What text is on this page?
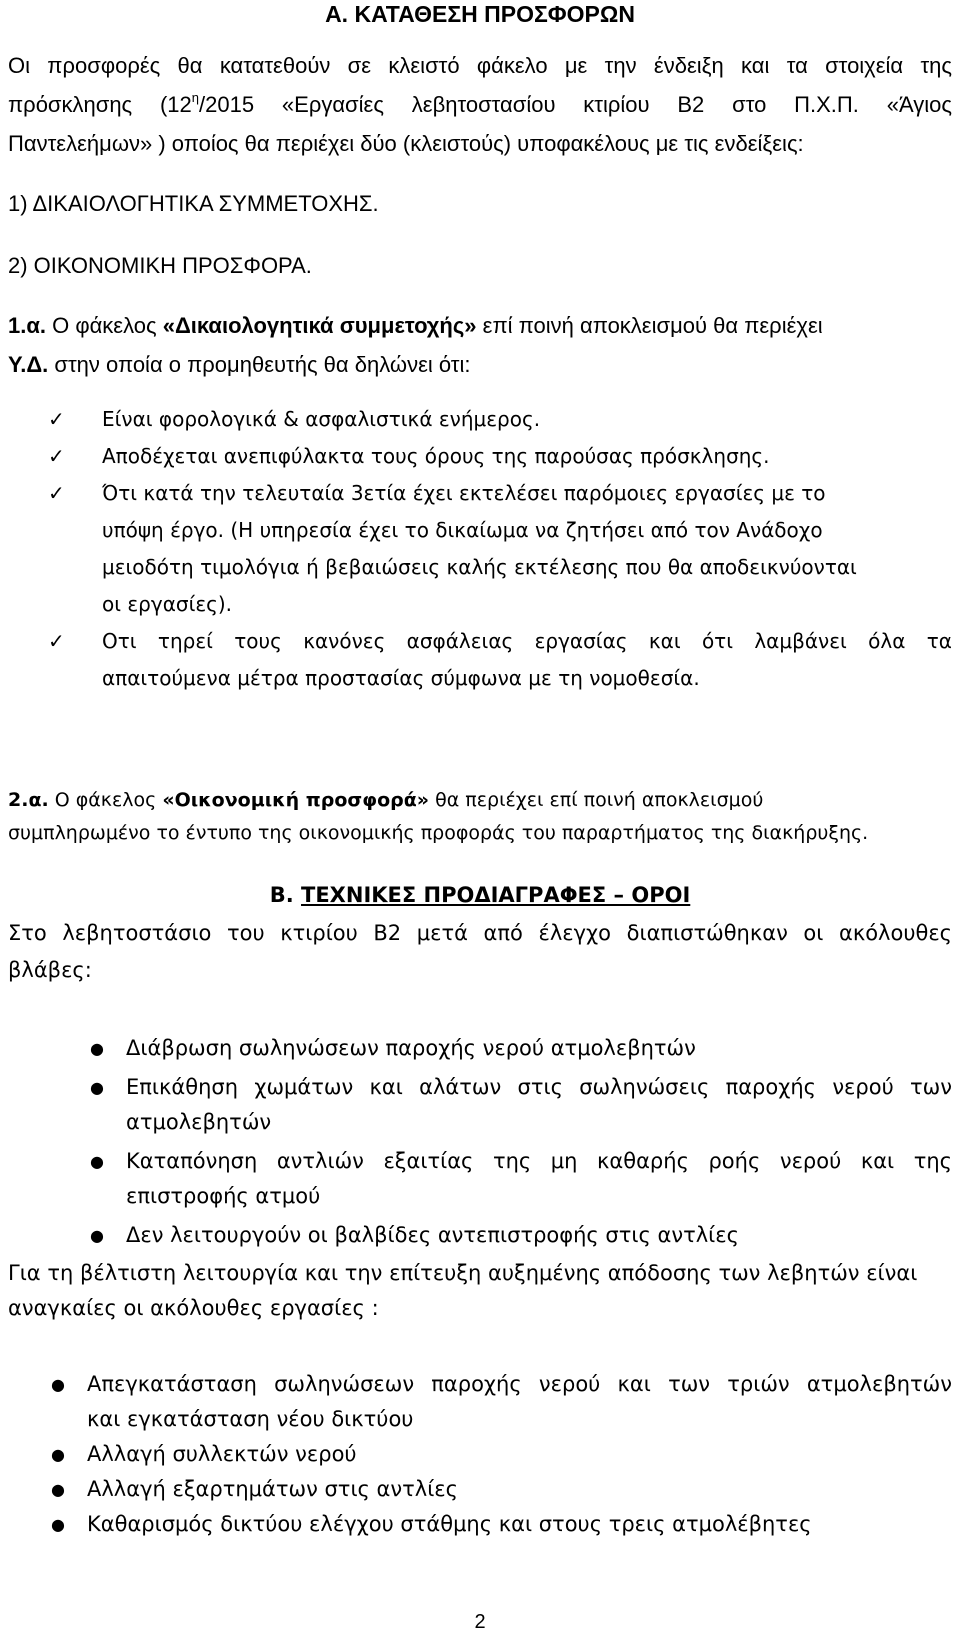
Α. ΚΑΤΑΘΕΣΗ ΠΡΟΣΦΟΡΩΝ

Οι προσφορές θα κατατεθούν σε κλειστό φάκελο με την ένδειξη και τα στοιχεία της
πρόσκλησης ($12^\eta/2015$ «Εργασίες λεβητοστασίου κτιρίου Β2 στο Π.Χ.Π. «Άγιος
Παντελεήμων» ) οποίος θα περιέχει δύο (κλειστούς) υποφακέλους με τις ενδείξεις:

1) ΔΙΚΑΙΟΛΟΓΗΤΙΚΑ ΣΥΜΜΕΤΟΧΗΣ.
2) ΟΙΚΟΝΟΜΙΚΗ ΠΡΟΣΦΟΡΑ.

1.α. Ο φάκελος «Δικαιολογητικά συμμετοχής» επί ποινή αποκλεισμού θα περιέχει
Υ.Δ. στην οποία ο προμηθευτής θα δηλώνει ότι:

✓ Είναι φορολογικά & ασφαλιστικά ενήμερος.
✓ Αποδέχεται ανεπιφύλακτα τους όρους της παρούσας πρόσκλησης.
✓ Ότι κατά την τελευταία 3ετία έχει εκτελέσει παρόμοιες εργασίες με το
υπόψη έργο. (Η υπηρεσία έχει το δικαίωμα να ζητήσει από τον Ανάδοχο
μειοδότη τιμολόγια ή βεβαιώσεις καλής εκτέλεσης που θα αποδεικνύονται
οι εργασίες).
✓ Οτι τηρεί τους κανόνες ασφάλειας εργασίας και ότι λαμβάνει όλα τα
απαιτούμενα μέτρα προστασίας σύμφωνα με τη νομοθεσία.

2.α. Ο φάκελος «Οικονομική προσφορά» θα περιέχει επί ποινή αποκλεισμού
συμπληρωμένο το έντυπο της οικονομικής προφοράς του παραρτήματος της διακήρυξης.

Β. ΤΕΧΝΙΚΕΣ ΠΡΟΔΙΑΓΡΑΦΕΣ – ΟΡΟΙ

Στο λεβητοστάσιο του κτιρίου Β2 μετά από έλεγχο διαπιστώθηκαν οι ακόλουθες
βλάβες:

● Διάβρωση σωληνώσεων παροχής νερού ατμολεβητών
● Επικάθηση χωμάτων και αλάτων στις σωληνώσεις παροχής νερού των
ατμολεβητών
● Καταπόνηση αντλιών εξαιτίας της μη καθαρής ροής νερού και της
επιστροφής ατμού
● Δεν λειτουργούν οι βαλβίδες αντεπιστροφής στις αντλίες

Για τη βέλτιστη λειτουργία και την επίτευξη αυξημένης απόδοσης των λεβητών είναι
αναγκαίες οι ακόλουθες εργασίες :

● Απεγκατάσταση σωληνώσεων παροχής νερού και των τριών ατμολεβητών
και εγκατάσταση νέου δικτύου
● Αλλαγή συλλεκτών νερού
● Αλλαγή εξαρτημάτων στις αντλίες
● Καθαρισμός δικτύου ελέγχου στάθμης και στους τρεις ατμολέβητες
2
